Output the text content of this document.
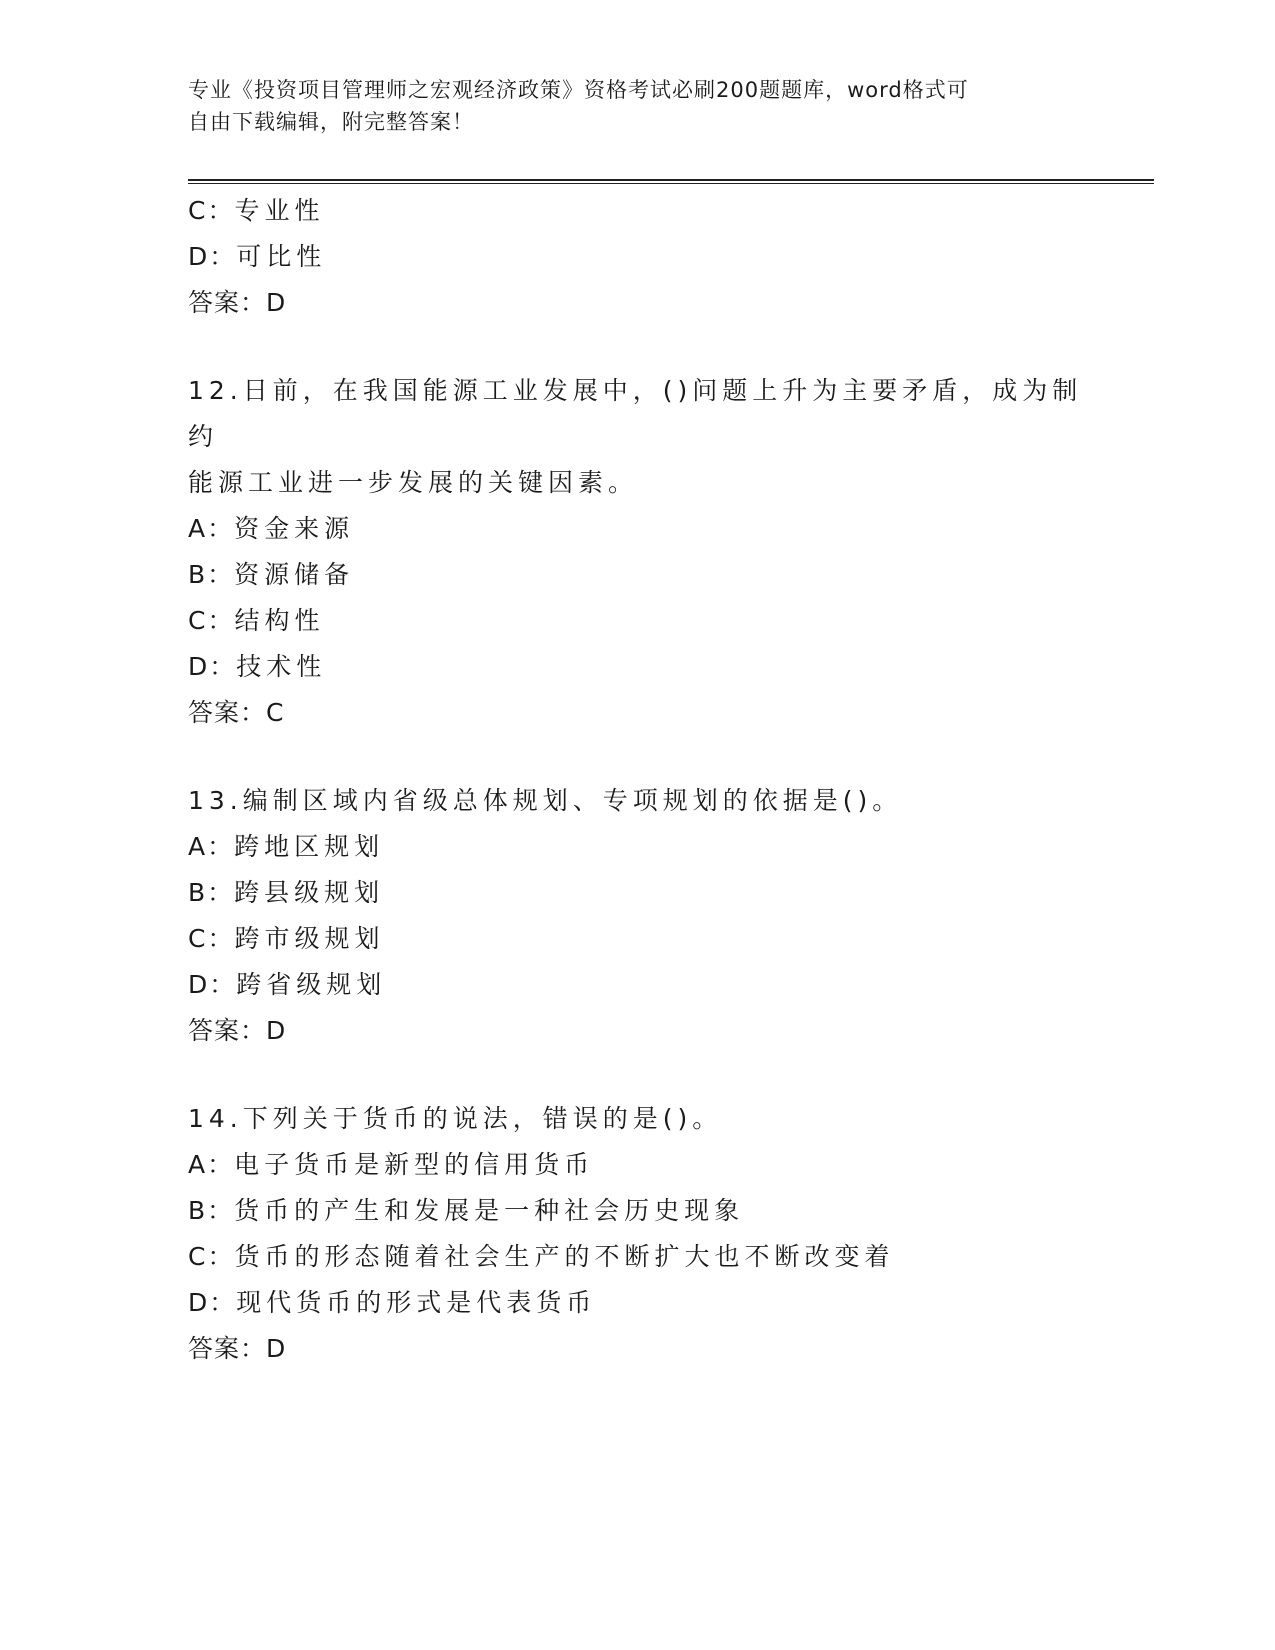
专业《投资项目管理师之宏观经济政策》资格考试必刷200题题库，word格式可
自由下载编辑，附完整答案！
C：专业性
D：可比性
答案：D
12.日前，在我国能源工业发展中，()问题上升为主要矛盾，成为制约
能源工业进一步发展的关键因素。
A：资金来源
B：资源储备
C：结构性
D：技术性
答案：C
13.编制区域内省级总体规划、专项规划的依据是()。
A：跨地区规划
B：跨县级规划
C：跨市级规划
D：跨省级规划
答案：D
14.下列关于货币的说法，错误的是()。
A：电子货币是新型的信用货币
B：货币的产生和发展是一种社会历史现象
C：货币的形态随着社会生产的不断扩大也不断改变着
D：现代货币的形式是代表货币
答案：D
